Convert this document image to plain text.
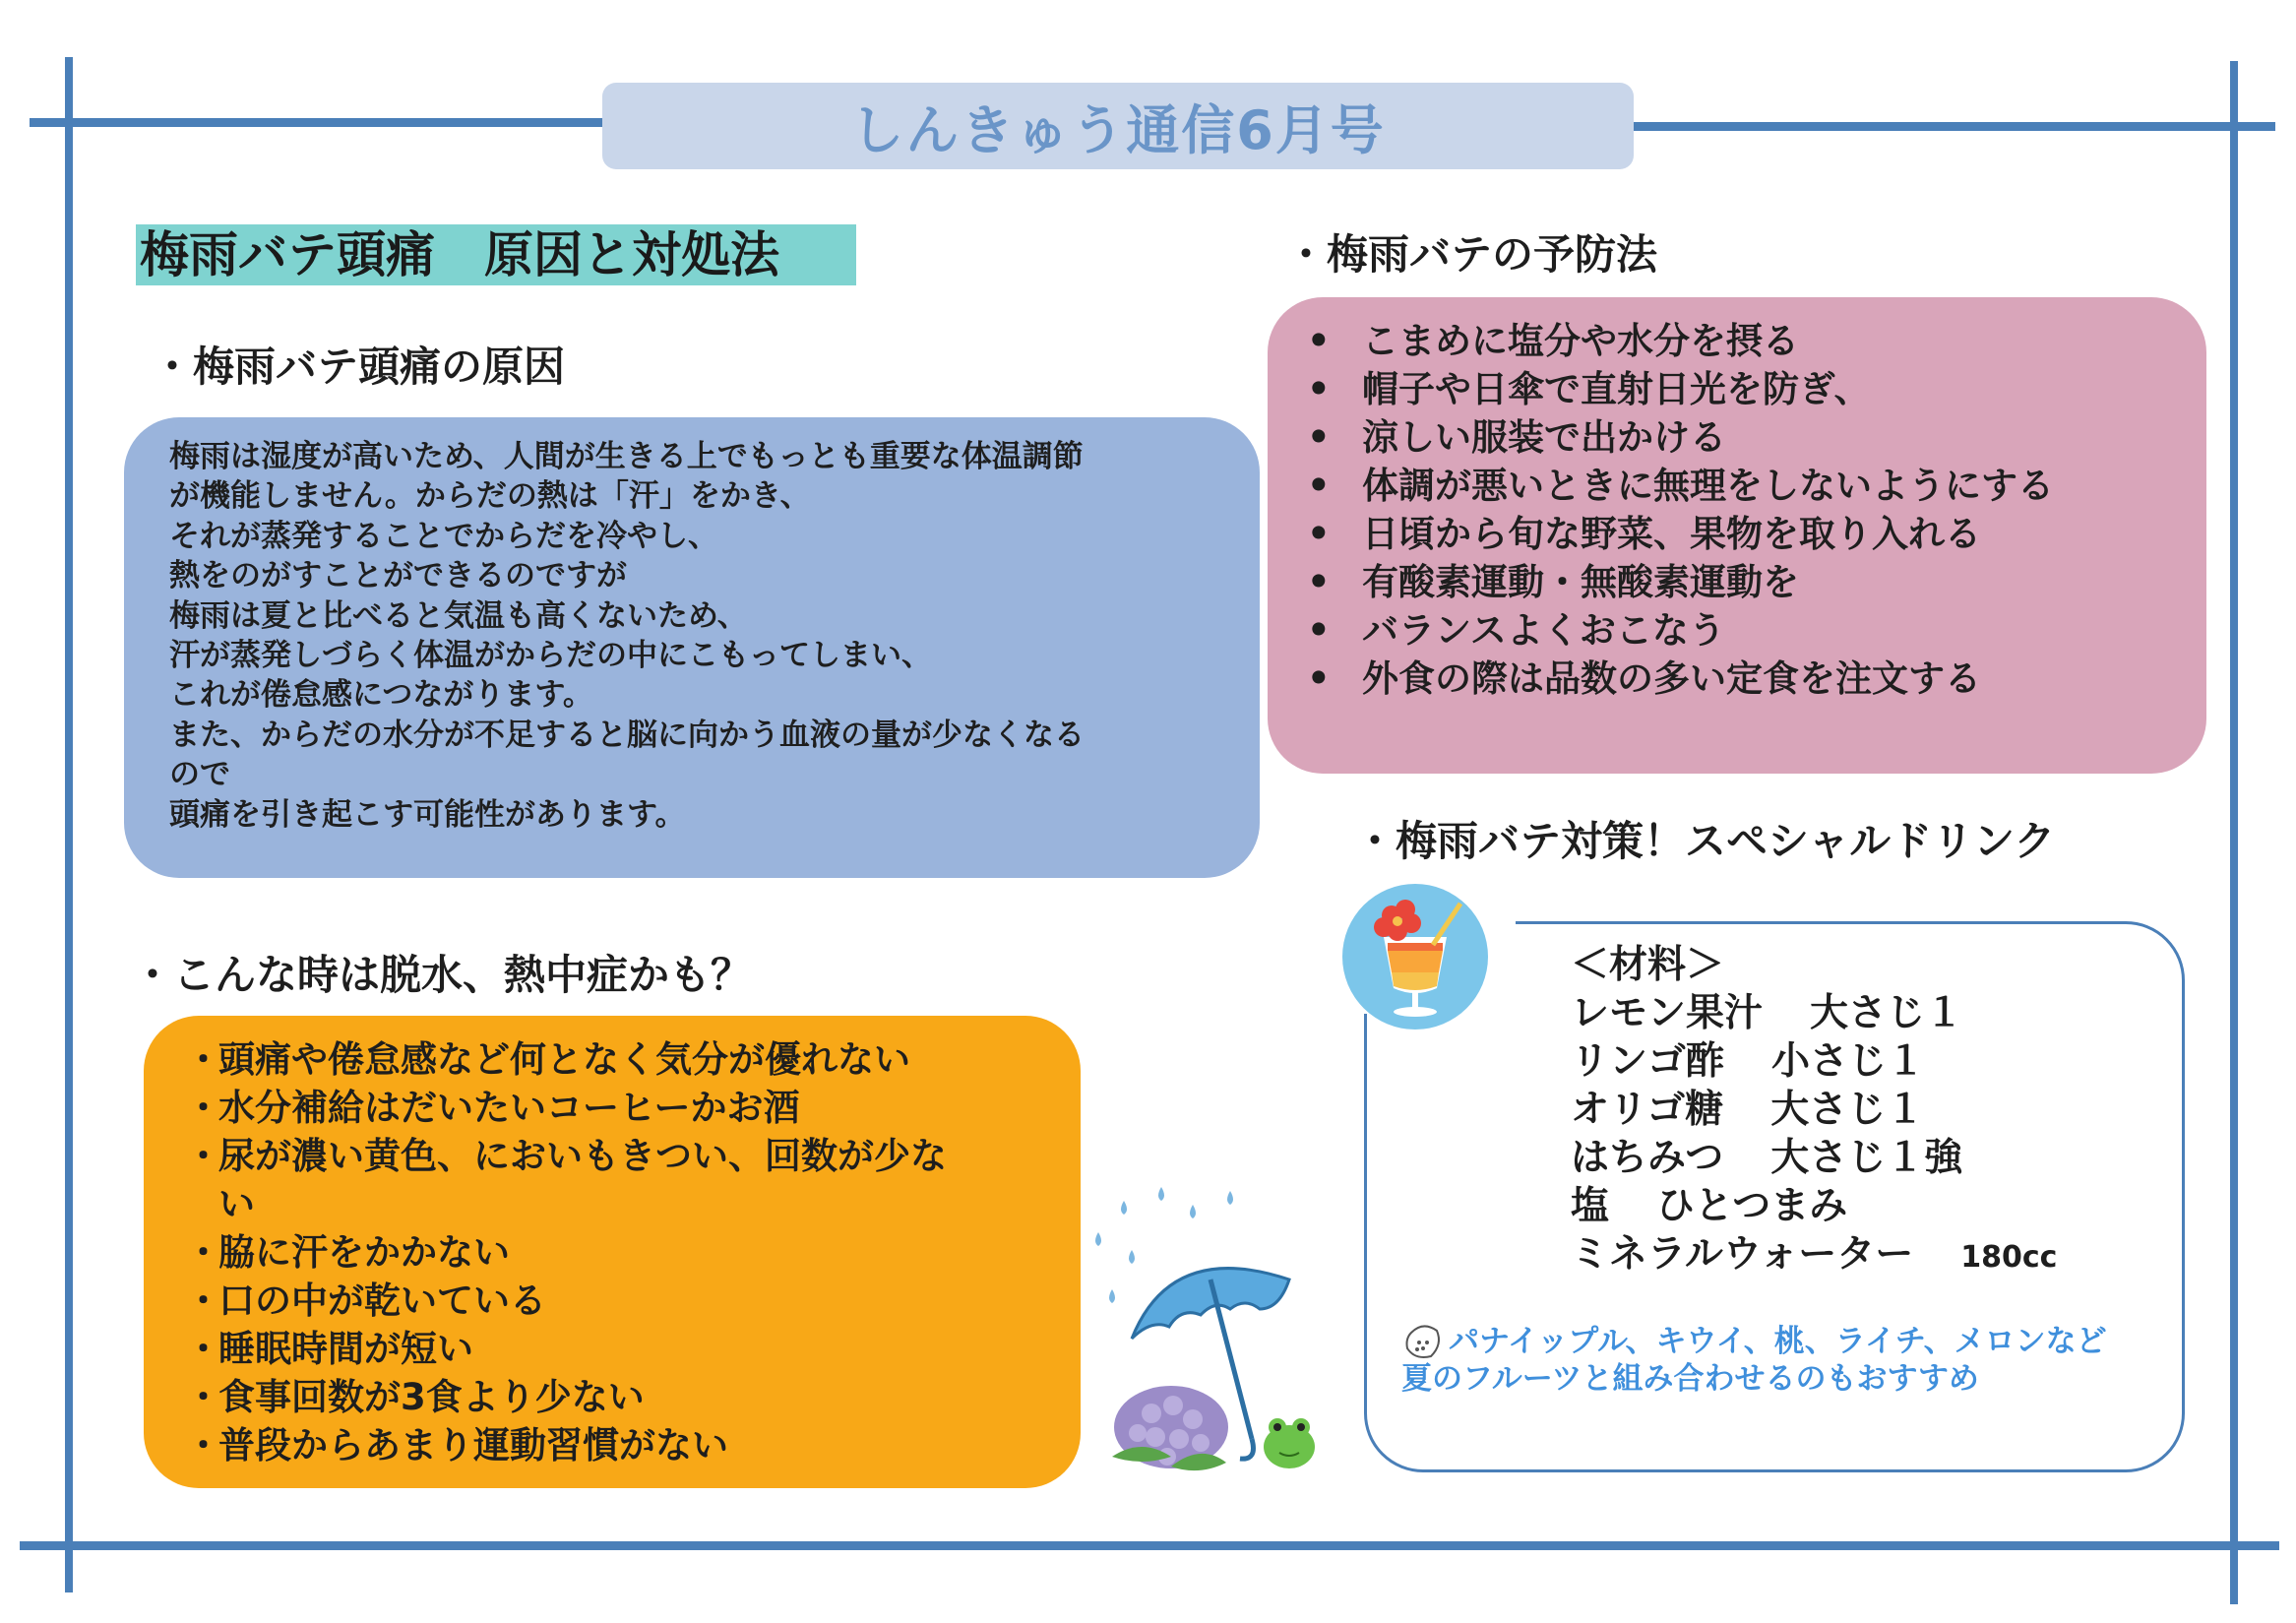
しんきゅう通信6月号
梅雨バテ頭痛　原因と対処法
・梅雨バテ頭痛の原因
梅雨は湿度が高いため、人間が生きる上でもっとも重要な体温調節
が機能しません。からだの熱は「汗」をかき、
それが蒸発することでからだを冷やし、
熱をのがすことができるのですが
梅雨は夏と比べると気温も高くないため、
汗が蒸発しづらく体温がからだの中にこもってしまい、
これが倦怠感につながります。
また、からだの水分が不足すると脳に向かう血液の量が少なくなる
ので
頭痛を引き起こす可能性があります。
・こんな時は脱水、熱中症かも？
・
頭痛や倦怠感など何となく気分が優れない
・
水分補給はだいたいコーヒーかお酒
・
尿が濃い黄色、においもきつい、回数が少な
い
・
脇に汗をかかない
・
口の中が乾いている
・
睡眠時間が短い
・
食事回数が3食より少ない
・
普段からあまり運動習慣がない
・梅雨バテの予防法
• こまめに塩分や水分を摂る
• 帽子や日傘で直射日光を防ぎ、
• 涼しい服装で出かける
• 体調が悪いときに無理をしないようにする
• 日頃から旬な野菜、果物を取り入れる
• 有酸素運動・無酸素運動を
• バランスよくおこなう
• 外食の際は品数の多い定食を注文する
・梅雨バテ対策！スペシャルドリンク
＜材料＞
レモン果汁 大さじ１
リンゴ酢 小さじ１
オリゴ糖 大さじ１
はちみつ 大さじ１強
塩 ひとつまみ
ミネラルウォーター 180cc
パナイップル、キウイ、桃、ライチ、メロンなど
夏のフルーツと組み合わせるのもおすすめ
